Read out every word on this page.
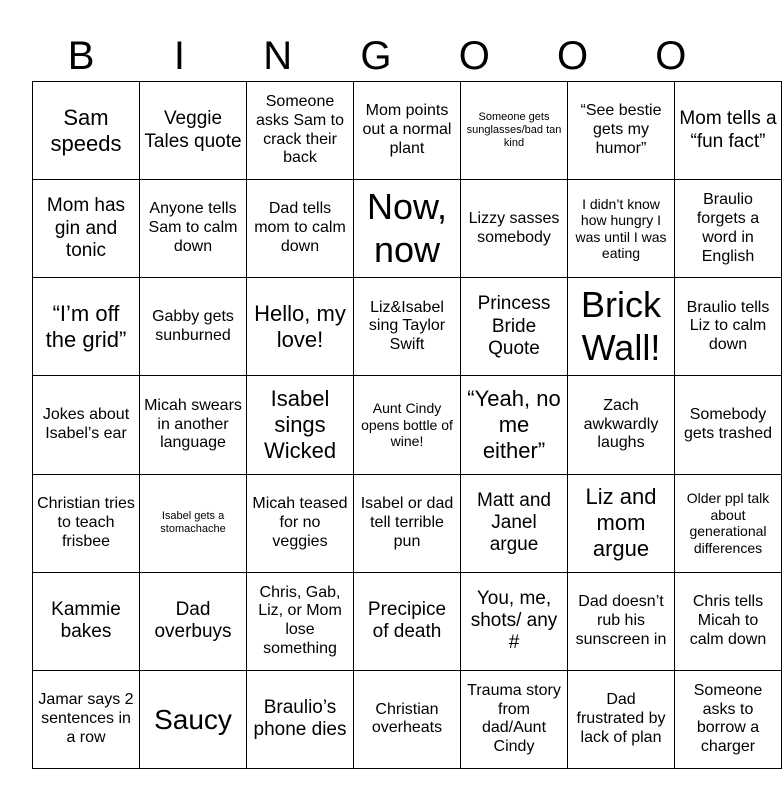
B	I	N	G	O	O	O
Sam speeds	Veggie Tales quote	Someone asks Sam to crack their back	Mom points out a normal plant	Someone gets sunglasses/bad tan kind	“See bestie gets my humor”	Mom tells a “fun fact”
Mom has gin and tonic	Anyone tells Sam to calm down	Dad tells mom to calm down	Now, now	Lizzy sasses somebody	I didn’t know how hungry I was until I was eating	Braulio forgets a word in English
“I’m off the grid”	Gabby gets sunburned	Hello, my love!	Liz&Isabel sing Taylor Swift	Princess Bride Quote	Brick Wall!	Braulio tells Liz to calm down
Jokes about Isabel’s ear	Micah swears in another language	Isabel sings Wicked	Aunt Cindy opens bottle of wine!	“Yeah, no me either”	Zach awkwardly laughs	Somebody gets trashed
Christian tries to teach frisbee	Isabel gets a stomachache	Micah teased for no veggies	Isabel or dad tell terrible pun	Matt and Janel argue	Liz and mom argue	Older ppl talk about generational differences
Kammie bakes	Dad overbuys	Chris, Gab, Liz, or Mom lose something	Precipice of death	You, me, shots/ any #	Dad doesn’t rub his sunscreen in	Chris tells Micah to calm down
Jamar says 2 sentences in a row	Saucy	Braulio’s phone dies	Christian overheats	Trauma story from dad/Aunt Cindy	Dad frustrated by lack of plan	Someone asks to borrow a charger
